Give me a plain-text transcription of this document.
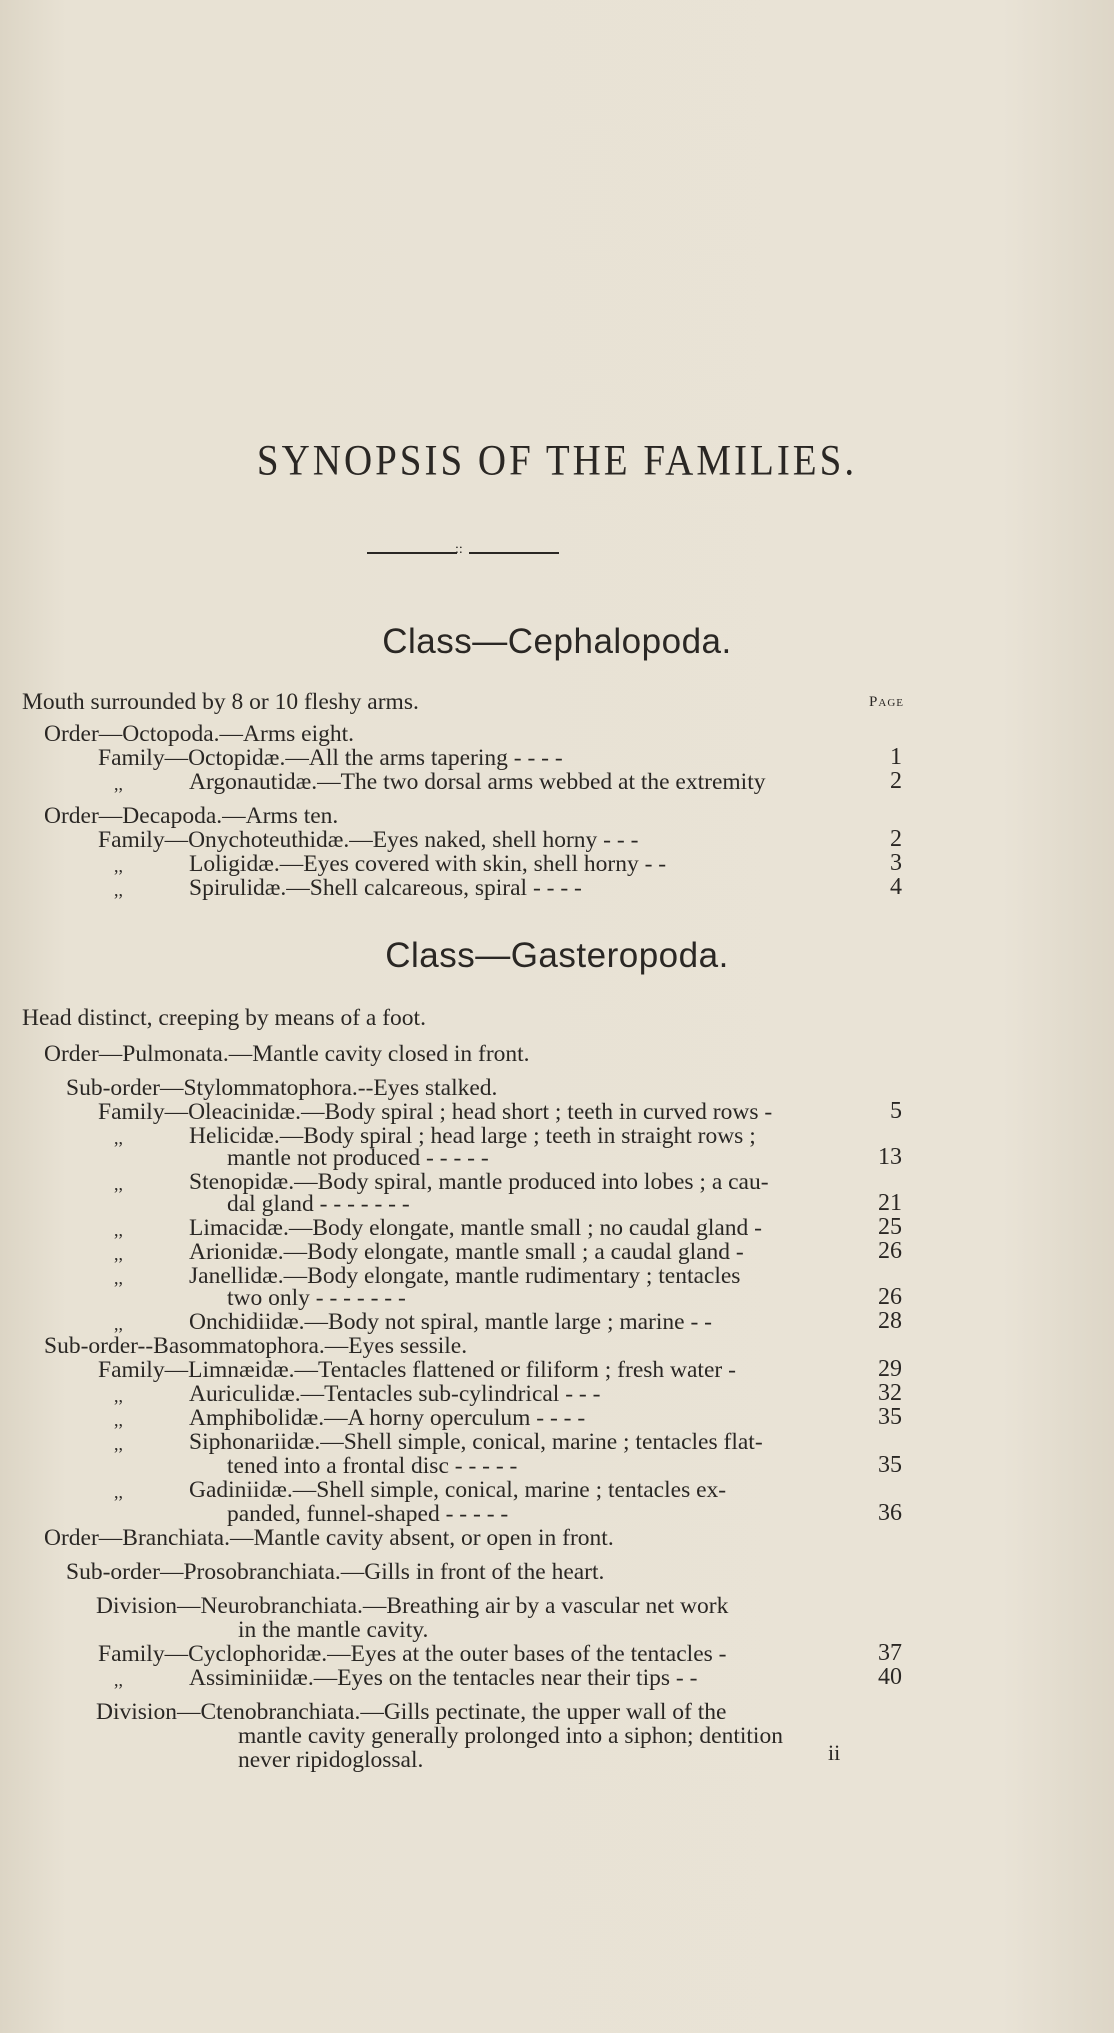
SYNOPSIS OF THE FAMILIES.
::
Class—Cephalopoda.
Page
Class—Gasteropoda.
Mouth surrounded by 8 or 10 fleshy arms.
Order—Octopoda.—Arms eight.
Family—Octopidæ.—All the arms tapering - - - -	1
,,	Argonautidæ.—The two dorsal arms webbed at the extremity	2
Order—Decapoda.—Arms ten.
Family—Onychoteuthidæ.—Eyes naked, shell horny - - -	2
,,	Loligidæ.—Eyes covered with skin, shell horny - -	3
,,	Spirulidæ.—Shell calcareous, spiral - - - -	4
Head distinct, creeping by means of a foot.
Order—Pulmonata.—Mantle cavity closed in front.
Sub-order—Stylommatophora.--Eyes stalked.
Family—Oleacinidæ.—Body spiral ; head short ; teeth in curved rows -	5
,,	Helicidæ.—Body spiral ; head large ; teeth in straight rows ;
mantle not produced - - - - -	13
,,	Stenopidæ.—Body spiral, mantle produced into lobes ; a cau-
dal gland - - - - - - -	21
,,	Limacidæ.—Body elongate, mantle small ; no caudal gland -	25
,,	Arionidæ.—Body elongate, mantle small ; a caudal gland -	26
,,	Janellidæ.—Body elongate, mantle rudimentary ; tentacles
two only - - - - - - -	26
,,	Onchidiidæ.—Body not spiral, mantle large ; marine - -	28
Sub-order--Basommatophora.—Eyes sessile.
Family—Limnæidæ.—Tentacles flattened or filiform ; fresh water -	29
,,	Auriculidæ.—Tentacles sub-cylindrical - - -	32
,,	Amphibolidæ.—A horny operculum - - - -	35
,,	Siphonariidæ.—Shell simple, conical, marine ; tentacles flat-
tened into a frontal disc - - - - -	35
,,	Gadiniidæ.—Shell simple, conical, marine ; tentacles ex-
panded, funnel-shaped - - - - -	36
Order—Branchiata.—Mantle cavity absent, or open in front.
Sub-order—Prosobranchiata.—Gills in front of the heart.
Division—Neurobranchiata.—Breathing air by a vascular net work
in the mantle cavity.
Family—Cyclophoridæ.—Eyes at the outer bases of the tentacles -	37
,,	Assiminiidæ.—Eyes on the tentacles near their tips - -	40
Division—Ctenobranchiata.—Gills pectinate, the upper wall of the
mantle cavity generally prolonged into a siphon; dentition
never ripidoglossal.	ii
